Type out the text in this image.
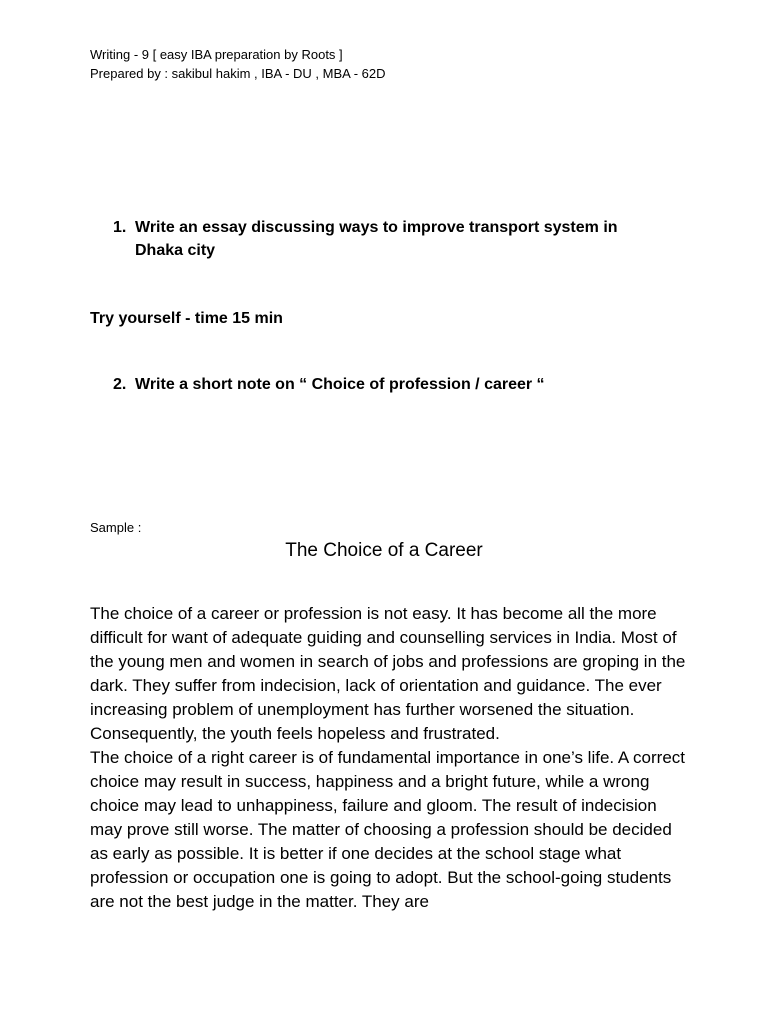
Writing - 9 [ easy IBA preparation by Roots ]
Prepared by : sakibul hakim , IBA - DU , MBA - 62D
1. Write an essay discussing ways to improve transport system in Dhaka city
Try yourself - time 15 min
2. Write a short note on “ Choice of profession / career “
Sample :
The Choice of a Career

The choice of a career or profession is not easy. It has become all the more difficult for want of adequate guiding and counselling services in India. Most of the young men and women in search of jobs and professions are groping in the dark. They suffer from indecision, lack of orientation and guidance. The ever increasing problem of unemployment has further worsened the situation. Consequently, the youth feels hopeless and frustrated.

The choice of a right career is of fundamental importance in one’s life. A correct choice may result in success, happiness and a bright future, while a wrong choice may lead to unhappiness, failure and gloom. The result of indecision may prove still worse. The matter of choosing a profession should be decided as early as possible. It is better if one decides at the school stage what profession or occupation one is going to adopt. But the school-going students are not the best judge in the matter. They are
